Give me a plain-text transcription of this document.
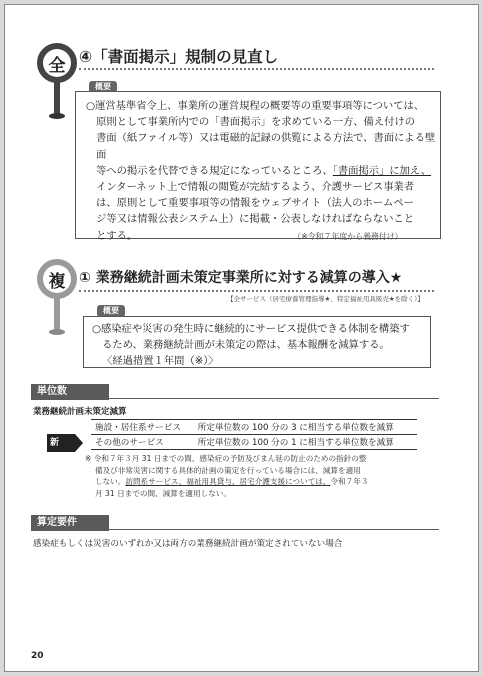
全 ④「書面掲示」規制の見直し
概要

○運営基準省令上、事業所の運営規程の概要等の重要事項等については、

原則として事業所内での「書面掲示」を求めている一方、備え付けの

書面（紙ファイル等）又は電磁的記録の供覧による方法で、書面による壁面

等への掲示を代替できる規定になっているところ、「書面掲示」に加え、

インターネット上で情報の閲覧が完結するよう、介護サービス事業者

は、原則として重要事項等の情報をウェブサイト（法人のホームペー

ジ等又は情報公表システム上）に掲載・公表しなければならないこと

とする。	（※令和７年度から義務付け）

複 ① 業務継続計画未策定事業所に対する減算の導入★
【全サービス（居宅療養管理指導★、特定福祉用具販売★を除く）】
概要

○感染症や災害の発生時に継続的にサービス提供できる体制を構築す

るため、業務継続計画が未策定の際は、基本報酬を減算する。

〈経過措置１年間（※）〉

単位数
業務継続計画未策定減算
新
施設・居住系サービス	所定単位数の 100 分の 3 に相当する単位数を減算
その他のサービス	所定単位数の 100 分の 1 に相当する単位数を減算
※ 令和７年３月 31 日までの間、感染症の予防及びまん延の防止のための指針の整
備及び非常災害に関する具体的計画の策定を行っている場合には、減算を適用
しない。訪問系サービス、福祉用具貸与、居宅介護支援については、令和７年３
月 31 日までの間、減算を適用しない。
算定要件
感染症もしくは災害のいずれか又は両方の業務継続計画が策定されていない場合
20
